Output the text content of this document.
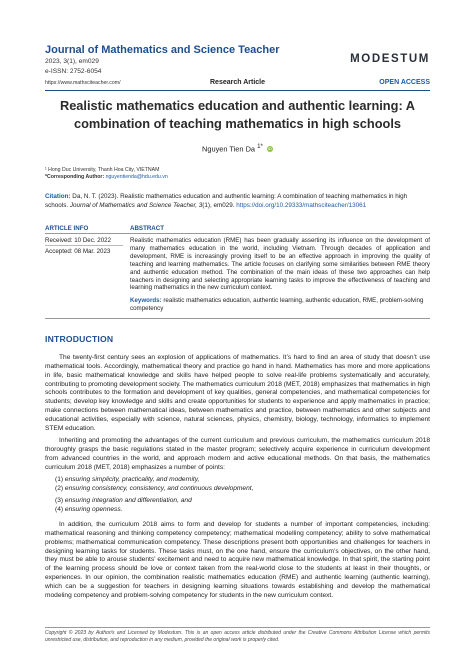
Journal of Mathematics and Science Teacher
MODESTUM
2023, 3(1), em029
e-ISSN: 2752-6054
https://www.mathsciteacher.com/	Research Article	OPEN ACCESS
Realistic mathematics education and authentic learning: A combination of teaching mathematics in high schools
Nguyen Tien Da $^{1*}$ iD
¹ Hong Duc University, Thanh Hoa City, VIETNAM
*Corresponding Author: nguyentienda@hdu.edu.vn
Citation: Da, N. T. (2023). Realistic mathematics education and authentic learning: A combination of teaching mathematics in high schools. Journal of Mathematics and Science Teacher, 3(1), em029. https://doi.org/10.29333/mathsciteacher/13061
ARTICLE INFO	ABSTRACT
Received: 10 Dec. 2022
Accepted: 08 Mar. 2023
Realistic mathematics education (RME) has been gradually asserting its influence on the development of many mathematics education in the world, including Vietnam. Through decades of application and development, RME is increasingly proving itself to be an effective approach in improving the quality of teaching and learning mathematics. The article focuses on clarifying some similarities between RME theory and authentic education method. The combination of the main ideas of these two approaches can help teachers in designing and selecting appropriate learning tasks to improve the effectiveness of teaching and learning mathematics in the new curriculum context.
Keywords: realistic mathematics education, authentic learning, authentic education, RME, problem-solving competency
INTRODUCTION

The twenty-first century sees an explosion of applications of mathematics. It’s hard to find an area of study that doesn’t use mathematical tools. Accordingly, mathematical theory and practice go hand in hand. Mathematics has more and more applications in life, basic mathematical knowledge and skills have helped people to solve real-life problems systematically and accurately, contributing to promoting development society. The mathematics curriculum 2018 (MET, 2018) emphasizes that mathematics in high schools contributes to the formation and development of key qualities, general competencies, and mathematical competencies for students; develop key knowledge and skills and create opportunities for students to experience and apply mathematics in practice; make connections between mathematical ideas, between mathematics and practice, between mathematics and other subjects and educational activities, especially with science, natural sciences, physics, chemistry, biology, technology, informatics to implement STEM education.

Inheriting and promoting the advantages of the current curriculum and previous curriculum, the mathematics curriculum 2018 thoroughly grasps the basic regulations stated in the master program; selectively acquire experience in curriculum development from advanced countries in the world, and approach modern and active educational methods. On that basis, the mathematics curriculum 2018 (MET, 2018) emphasizes a number of points:

(1) ensuring simplicity, practicality, and modernity,
(2) ensuring consistency, consistency, and continuous development,
(3) ensuring integration and differentiation, and
(4) ensuring openness.

In addition, the curriculum 2018 aims to form and develop for students a number of important competencies, including: mathematical reasoning and thinking competency competency; mathematical modelling competency; ability to solve mathematical problems; mathematical communication competency. These descriptions present both opportunities and challenges for teachers in designing learning tasks for students. These tasks must, on the one hand, ensure the curriculum’s objectives, on the other hand, they must be able to arouse students’ excitement and need to acquire new mathematical knowledge. In that spirit, the starting point of the learning process should be love or context taken from the real-world close to the students at least in their thoughts, or experiences. In our opinion, the combination realistic mathematics education (RME) and authentic learning (authentic learning), which can be a suggestion for teachers in designing learning situations towards establishing and develop the mathematical modeling competency and problem-solving competency for students in the new curriculum context.

Copyright © 2023 by Author/s and Licensed by Modestum. This is an open access article distributed under the Creative Commons Attribution License which permits unrestricted use, distribution, and reproduction in any medium, provided the original work is properly cited.
